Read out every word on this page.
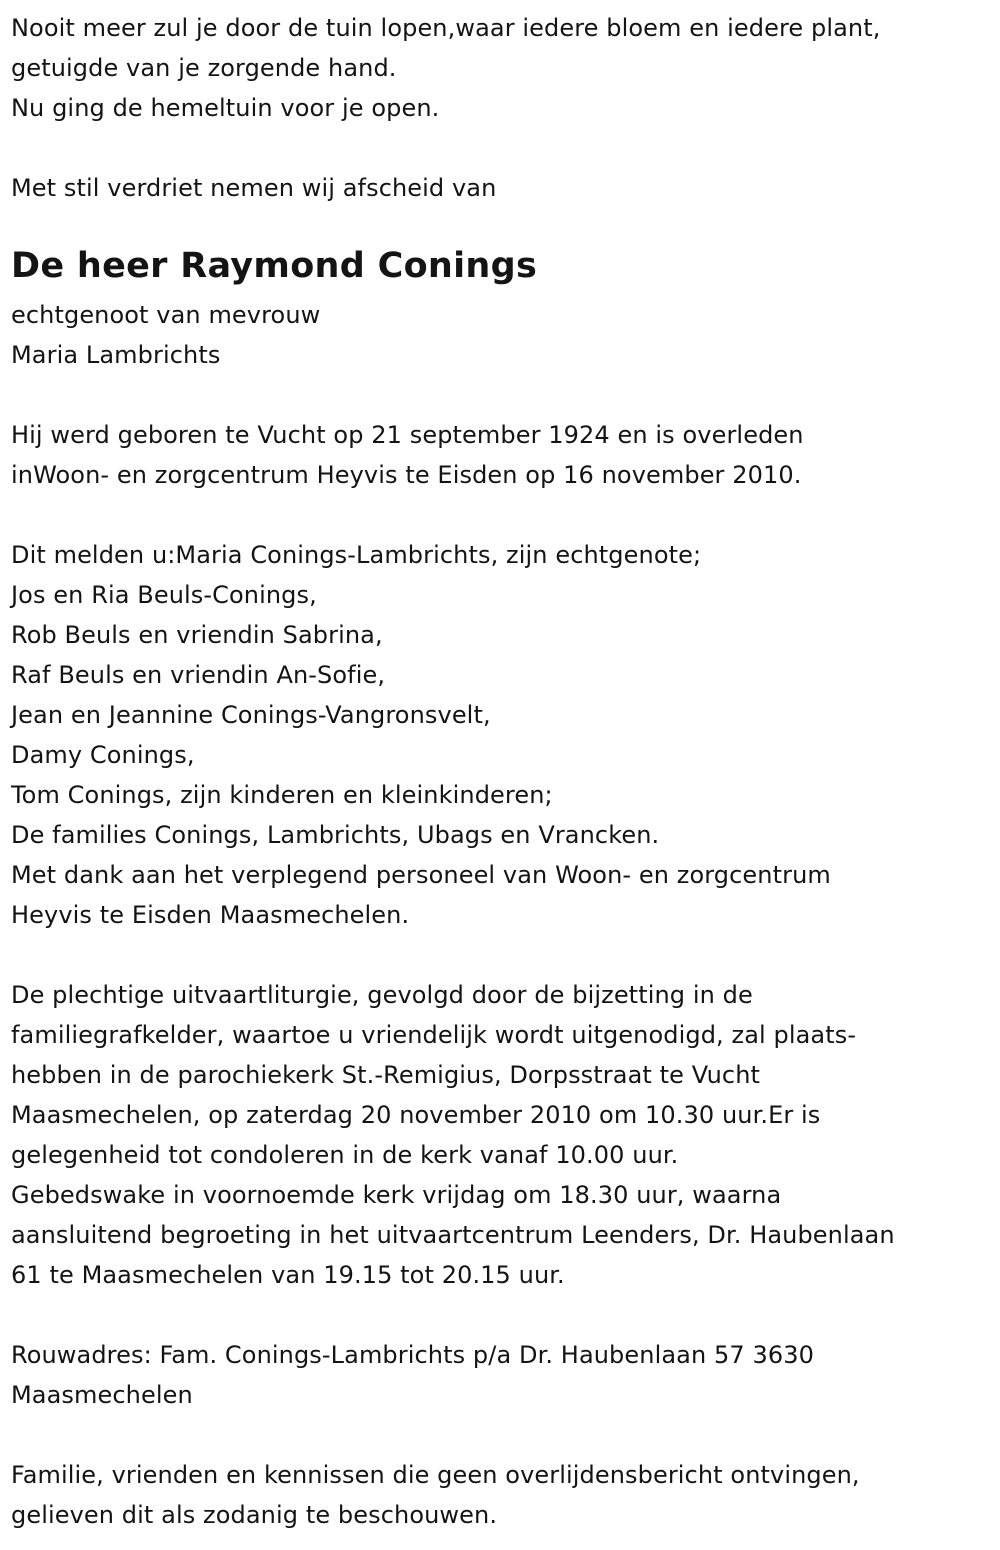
Nooit meer zul je door de tuin lopen,waar iedere bloem en iedere plant,
getuigde van je zorgende hand.
Nu ging de hemeltuin voor je open.
Met stil verdriet nemen wij afscheid van
De heer Raymond Conings
echtgenoot van mevrouw
Maria Lambrichts
Hij werd geboren te Vucht op 21 september 1924 en is overleden
inWoon- en zorgcentrum Heyvis te Eisden op 16 november 2010.
Dit melden u:Maria Conings-Lambrichts, zijn echtgenote;
Jos en Ria Beuls-Conings,
Rob Beuls en vriendin Sabrina,
Raf Beuls en vriendin An-Sofie,
Jean en Jeannine Conings-Vangronsvelt,
Damy Conings,
Tom Conings, zijn kinderen en kleinkinderen;
De families Conings, Lambrichts, Ubags en Vrancken.
Met dank aan het verplegend personeel van Woon- en zorgcentrum
Heyvis te Eisden Maasmechelen.
De plechtige uitvaartliturgie, gevolgd door de bijzetting in de
familiegrafkelder, waartoe u vriendelijk wordt uitgenodigd, zal plaats-
hebben in de parochiekerk St.-Remigius, Dorpsstraat te Vucht
Maasmechelen, op zaterdag 20 november 2010 om 10.30 uur.Er is
gelegenheid tot condoleren in de kerk vanaf 10.00 uur.
Gebedswake in voornoemde kerk vrijdag om 18.30 uur, waarna
aansluitend begroeting in het uitvaartcentrum Leenders, Dr. Haubenlaan
61 te Maasmechelen van 19.15 tot 20.15 uur.
Rouwadres: Fam. Conings-Lambrichts p/a Dr. Haubenlaan 57 3630
Maasmechelen
Familie, vrienden en kennissen die geen overlijdensbericht ontvingen,
gelieven dit als zodanig te beschouwen.
